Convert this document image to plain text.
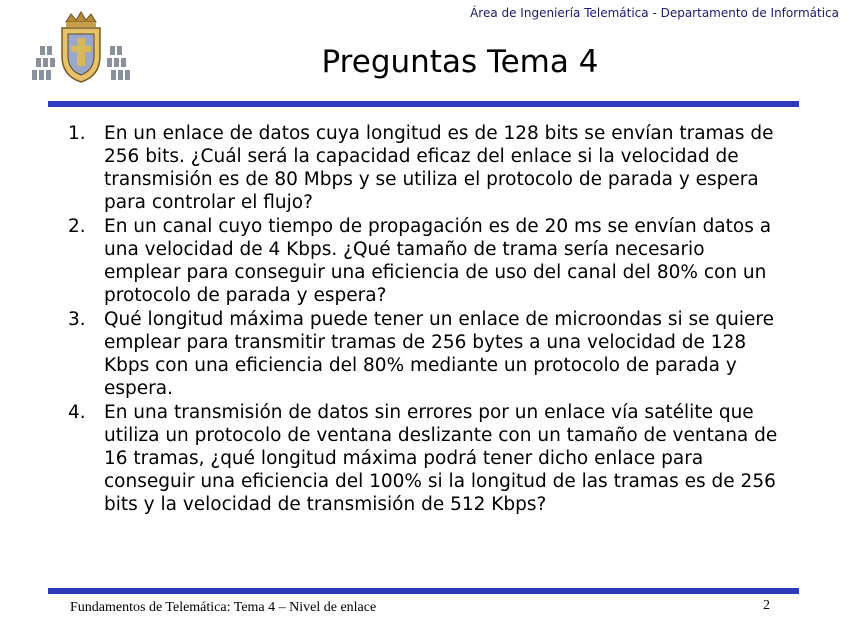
Área de Ingeniería Telemática - Departamento de Informática
Preguntas Tema 4
1. En un enlace de datos cuya longitud es de 128 bits se envían tramas de 256 bits. ¿Cuál será la capacidad eficaz del enlace si la velocidad de transmisión es de 80 Mbps y se utiliza el protocolo de parada y espera para controlar el flujo?
2. En un canal cuyo tiempo de propagación es de 20 ms se envían datos a una velocidad de 4 Kbps. ¿Qué tamaño de trama sería necesario emplear para conseguir una eficiencia de uso del canal del 80% con un protocolo de parada y espera?
3. Qué longitud máxima puede tener un enlace de microondas si se quiere emplear para transmitir tramas de 256 bytes a una velocidad de 128 Kbps con una eficiencia del 80% mediante un protocolo de parada y espera.
4. En una transmisión de datos sin errores por un enlace vía satélite que utiliza un protocolo de ventana deslizante con un tamaño de ventana de 16 tramas, ¿qué longitud máxima podrá tener dicho enlace para conseguir una eficiencia del 100% si la longitud de las tramas es de 256 bits y la velocidad de transmisión de 512 Kbps?
Fundamentos de Telemática: Tema 4 – Nivel de enlace	2
